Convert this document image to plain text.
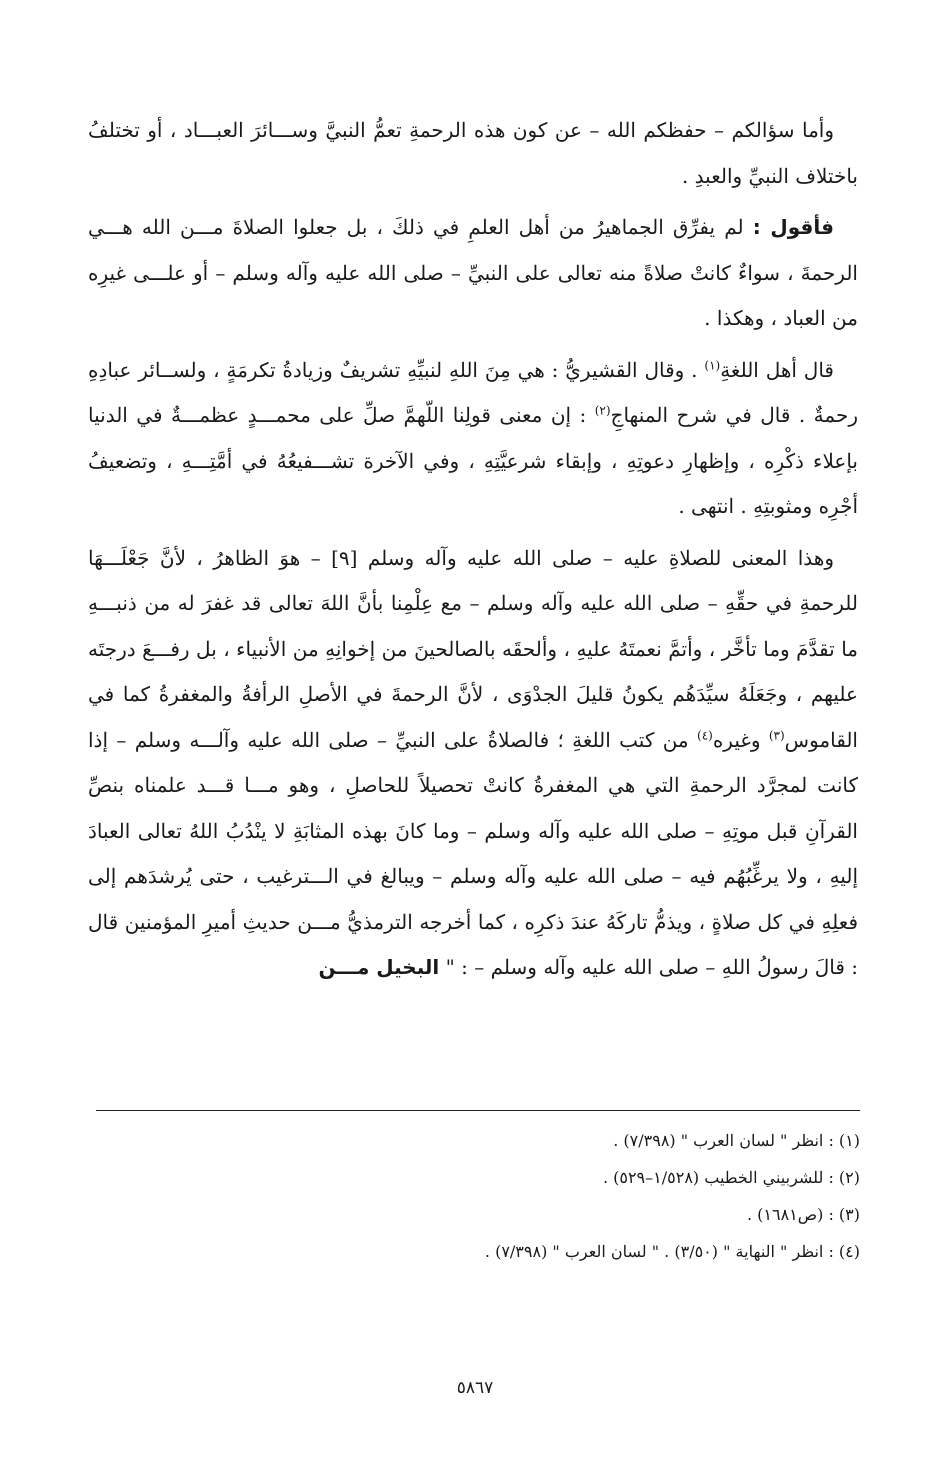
وأما سؤالكم – حفظكم الله – عن كون هذه الرحمةِ تعمُّ النبيَّ وســـائرَ العبـــاد ، أو تختلفُ باختلاف النبيِّ والعبدِ .

فأقول : لم يفرِّق الجماهيرُ من أهل العلمِ في ذلكَ ، بل جعلوا الصلاةَ مـــن الله هـــي الرحمةَ ، سواءٌ كانتْ صلاةً منه تعالى على النبيِّ – صلى الله عليه وآله وسلم – أو علـــى غيرِه من العباد ، وهكذا .

قال أهل اللغةِ$^{(١)}$ . وقال القشيريُّ : هي مِنَ اللهِ لنبيِّهِ تشريفٌ وزيادةُ تكرمَةٍ ، ولســائر عبادِهِ رحمةٌ . قال في شرح المنهاجِ$^{(٢)}$ : إن معنى قولِنا اللّهمَّ صلِّ على محمـــدٍ عظمـــةٌ في الدنيا بإعلاء ذكْرِه ، وإظهارِ دعوتِهِ ، وإبقاء شرعيَّتِهِ ، وفي الآخرة تشـــفيعُهُ في أمَّتِـــهِ ، وتضعيفُ أجْرِه ومثوبتِهِ . انتهى .

وهذا المعنى للصلاةِ عليه – صلى الله عليه وآله وسلم [٩] – هوَ الظاهرُ ، لأنَّ جَعْلَـــهَا للرحمةِ في حقِّهِ – صلى الله عليه وآله وسلم – مع عِلْمِنا بأنَّ اللهَ تعالى قد غفرَ له من ذنبـــهِ ما تقدَّمَ وما تأخَّر ، وأتمَّ نعمتَهُ عليهِ ، وألحقَه بالصالحينَ من إخوانِهِ من الأنبياء ، بل رفـــعَ درجتَه عليهم ، وجَعَلَهُ سيِّدَهُم يكونُ قليلَ الجدْوَى ، لأنَّ الرحمةَ في الأصلِ الرأفةُ والمغفرةُ كما في القاموس$^{(٣)}$ وغيره$^{(٤)}$ من كتب اللغةِ ؛ فالصلاةُ على النبيِّ – صلى الله عليه وآلـــه وسلم – إذا كانت لمجرَّد الرحمةِ التي هي المغفرةُ كانتْ تحصيلاً للحاصلِ ، وهو مـــا قـــد علمناه بنصِّ القرآنِ قبل موتِهِ – صلى الله عليه وآله وسلم – وما كانَ بهذه المثابَةِ لا ينْدُبُ اللهُ تعالى العبادَ إليهِ ، ولا يرغِّبُهُم فيه – صلى الله عليه وآله وسلم – ويبالغ في الـــترغيب ، حتى يُرشدَهم إلى فعلِهِ في كل صلاةٍ ، ويذمُّ تاركَهُ عندَ ذكرِه ، كما أخرجه الترمذيُّ مـــن حديثِ أميرِ المؤمنين قال : قالَ رسولُ اللهِ – صلى الله عليه وآله وسلم – : " البخيل مـــن

(١) : انظر " لسان العرب " (٧/٣٩٨) .

(٢) : للشربيني الخطيب (١/٥٢٨–٥٢٩) .

(٣) : (ص١٦٨١) .

(٤) : انظر " النهاية " (٣/٥٠) . " لسان العرب " (٧/٣٩٨) .

٥٨٦٧
